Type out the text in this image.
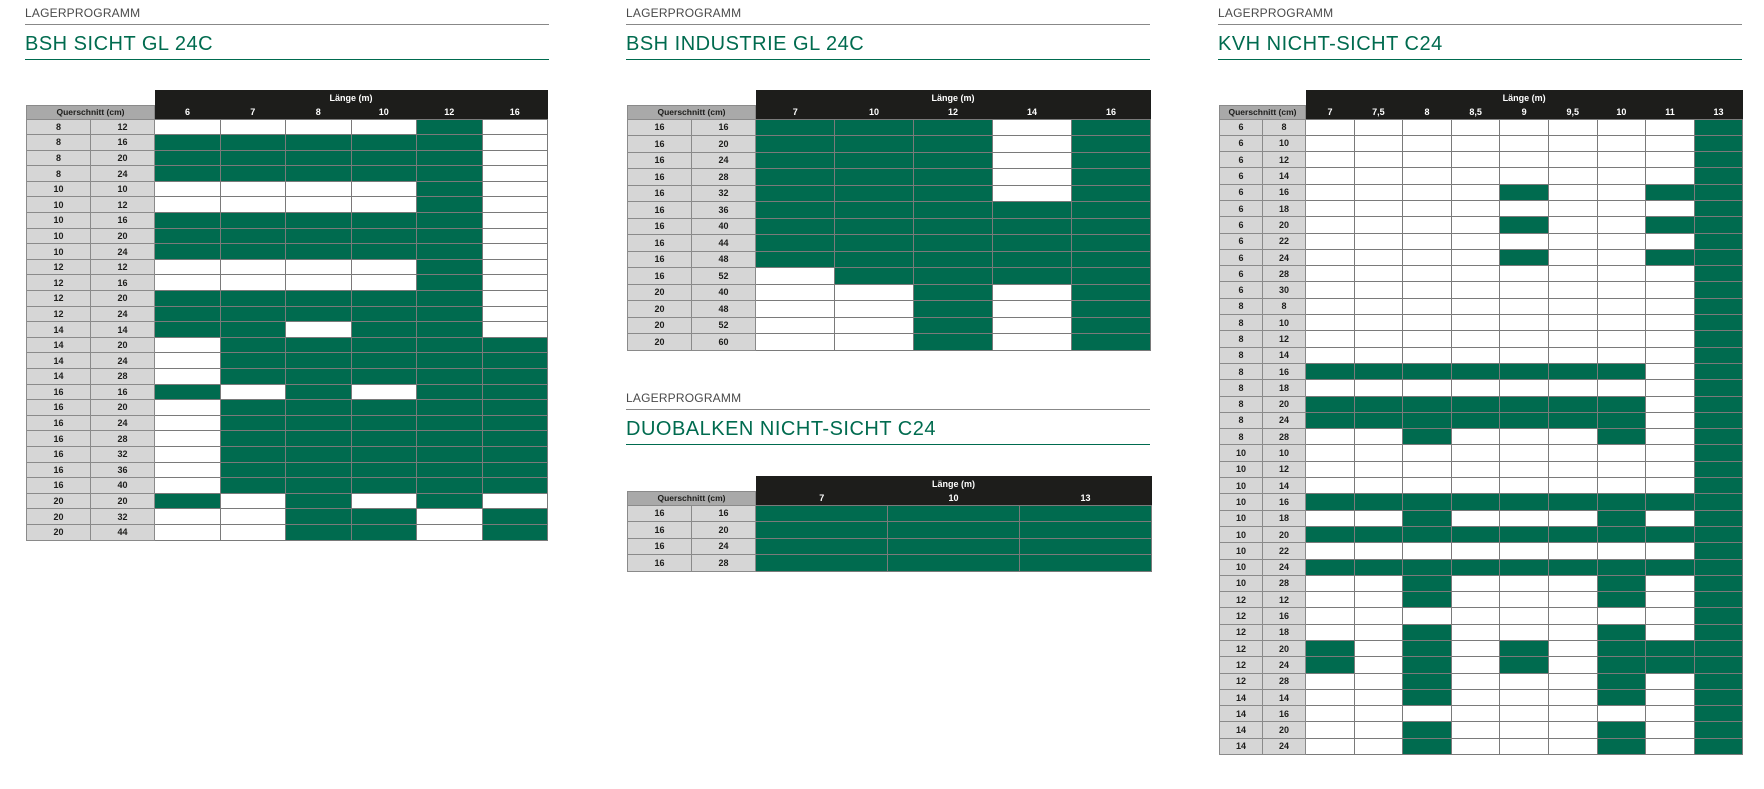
LAGERPROGRAMM
BSH SICHT GL 24C
		Länge (m)					
Querschnitt (cm)		6	7	8	10	12	16
8	12						
8	16						
8	20						
8	24						
10	10						
10	12						
10	16						
10	20						
10	24						
12	12						
12	16						
12	20						
12	24						
14	14						
14	20						
14	24						
14	28						
16	16						
16	20						
16	24						
16	28						
16	32						
16	36						
16	40						
20	20						
20	32						
20	44						
LAGERPROGRAMM
BSH INDUSTRIE GL 24C
		Länge (m)				
Querschnitt (cm)		7	10	12	14	16
16	16					
16	20					
16	24					
16	28					
16	32					
16	36					
16	40					
16	44					
16	48					
16	52					
20	40					
20	48					
20	52					
20	60					
LAGERPROGRAMM
DUOBALKEN NICHT-SICHT C24
		Länge (m)		
Querschnitt (cm)		7	10	13
16	16			
16	20			
16	24			
16	28			
LAGERPROGRAMM
KVH NICHT-SICHT C24
		Länge (m)								
Querschnitt (cm)		7	7,5	8	8,5	9	9,5	10	11	13
6	8									
6	10									
6	12									
6	14									
6	16									
6	18									
6	20									
6	22									
6	24									
6	28									
6	30									
8	8									
8	10									
8	12									
8	14									
8	16									
8	18									
8	20									
8	24									
8	28									
10	10									
10	12									
10	14									
10	16									
10	18									
10	20									
10	22									
10	24									
10	28									
12	12									
12	16									
12	18									
12	20									
12	24									
12	28									
14	14									
14	16									
14	20									
14	24									
